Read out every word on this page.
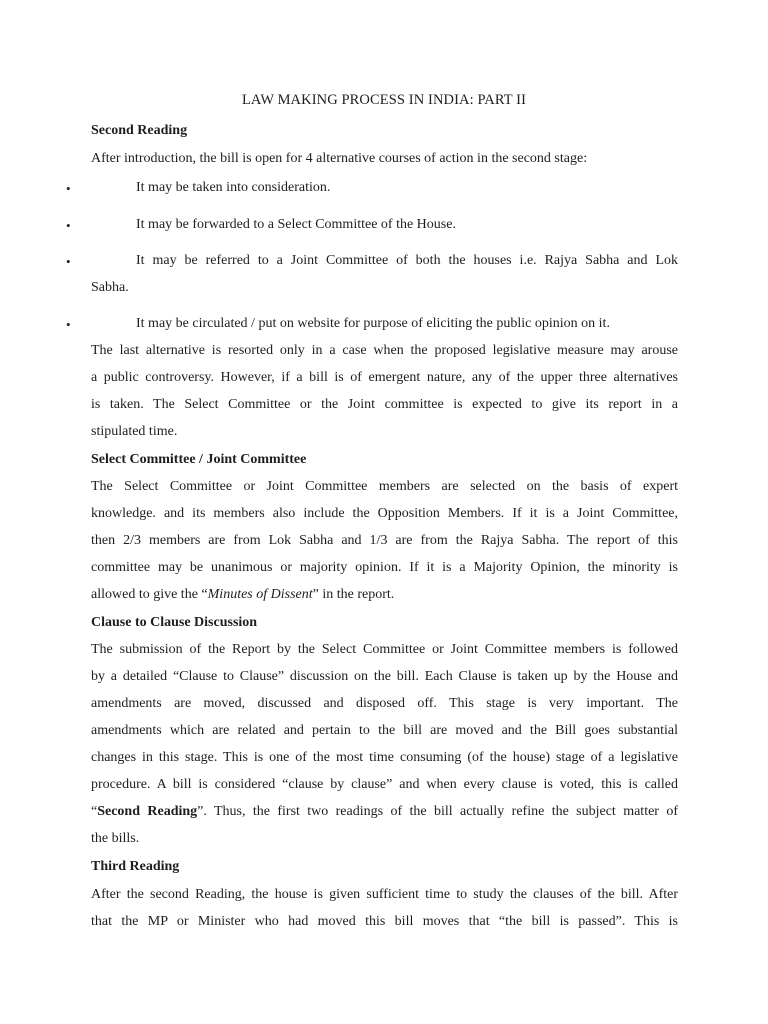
LAW MAKING PROCESS IN INDIA: PART II
Second Reading
After introduction, the bill is open for 4 alternative courses of action in the second stage:
•	It may be taken into consideration.
•	It may be forwarded to a Select Committee of the House.
•	It may be referred to a Joint Committee of both the houses i.e. Rajya Sabha and Lok
Sabha.
•	It may be circulated / put on website for purpose of eliciting the public opinion on it.
The last alternative is resorted only in a case when the proposed legislative measure may arouse
a public controversy. However, if a bill is of emergent nature, any of the upper three alternatives
is taken. The Select Committee or the Joint committee is expected to give its report in a
stipulated time.
Select Committee / Joint Committee
The Select Committee or Joint Committee members are selected on the basis of expert
knowledge. and its members also include the Opposition Members. If it is a Joint Committee,
then 2/3 members are from Lok Sabha and 1/3 are from the Rajya Sabha. The report of this
committee may be unanimous or majority opinion. If it is a Majority Opinion, the minority is
allowed to give the “Minutes of Dissent” in the report.
Clause to Clause Discussion
The submission of the Report by the Select Committee or Joint Committee members is followed
by a detailed “Clause to Clause” discussion on the bill. Each Clause is taken up by the House and
amendments are moved, discussed and disposed off. This stage is very important. The
amendments which are related and pertain to the bill are moved and the Bill goes substantial
changes in this stage. This is one of the most time consuming (of the house) stage of a legislative
procedure. A bill is considered “clause by clause” and when every clause is voted, this is called
“Second Reading”. Thus, the first two readings of the bill actually refine the subject matter of
the bills.
Third Reading
After the second Reading, the house is given sufficient time to study the clauses of the bill. After
that the MP or Minister who had moved this bill moves that “the bill is passed”. This is
